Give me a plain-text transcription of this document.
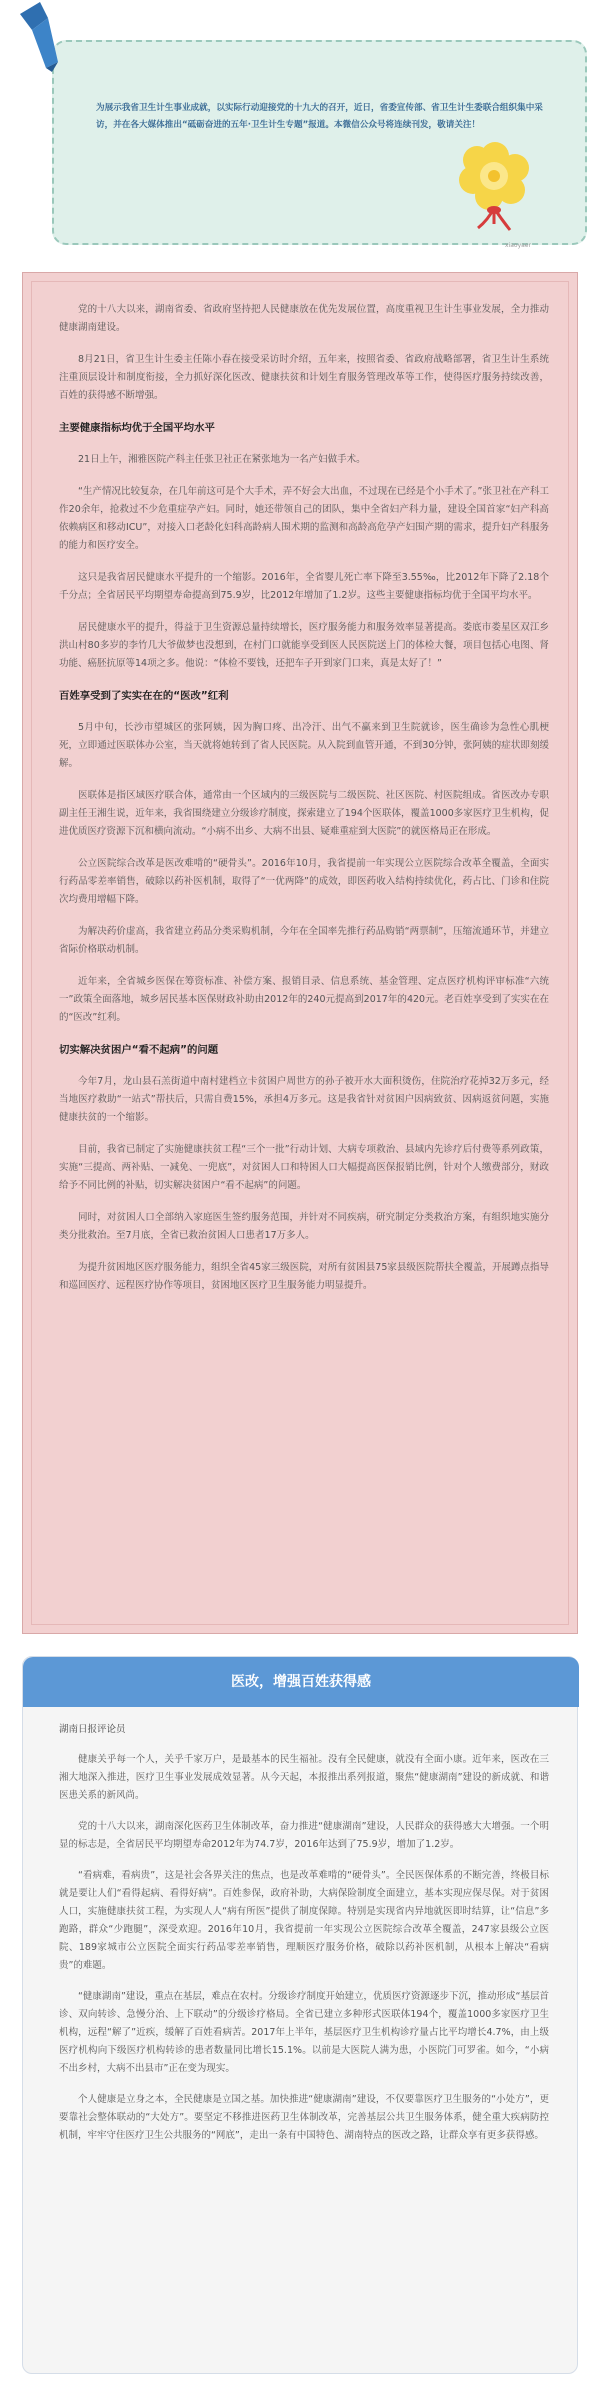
为展示我省卫生计生事业成就，以实际行动迎接党的十九大的召开，近日，省委宣传部、省卫生计生委联合组织集中采访，并在各大媒体推出“砥砺奋进的五年·卫生计生专题”报道。本微信公众号将连续刊发，敬请关注！
xiaoyaer

党的十八大以来，湖南省委、省政府坚持把人民健康放在优先发展位置，高度重视卫生计生事业发展，全力推动健康湖南建设。

8月21日，省卫生计生委主任陈小春在接受采访时介绍，五年来，按照省委、省政府战略部署，省卫生计生系统注重顶层设计和制度衔接，全力抓好深化医改、健康扶贫和计划生育服务管理改革等工作，使得医疗服务持续改善，百姓的获得感不断增强。

主要健康指标均优于全国平均水平

21日上午，湘雅医院产科主任张卫社正在紧张地为一名产妇做手术。

“生产情况比较复杂，在几年前这可是个大手术，弄不好会大出血，不过现在已经是个小手术了。”张卫社在产科工作20余年，抢救过不少危重症孕产妇。同时，她还带领自己的团队，集中全省妇产科力量，建设全国首家“妇产科高依赖病区和移动ICU”，对接入口老龄化妇科高龄病人围术期的监测和高龄高危孕产妇围产期的需求，提升妇产科服务的能力和医疗安全。

这只是我省居民健康水平提升的一个缩影。2016年，全省婴儿死亡率下降至3.55‰，比2012年下降了2.18个千分点；全省居民平均期望寿命提高到75.9岁，比2012年增加了1.2岁。这些主要健康指标均优于全国平均水平。

居民健康水平的提升，得益于卫生资源总量持续增长，医疗服务能力和服务效率显著提高。娄底市娄星区双江乡洪山村80多岁的李竹几大爷做梦也没想到，在村门口就能享受到医人民医院送上门的体检大餐，项目包括心电图、肾功能、癌胚抗原等14项之多。他说：“体检不要钱，还把车子开到家门口来，真是太好了！”

百姓享受到了实实在在的“医改”红利

5月中旬，长沙市望城区的张阿姨，因为胸口疼、出冷汗、出气不赢来到卫生院就诊，医生确诊为急性心肌梗死，立即通过医联体办公室，当天就将她转到了省人民医院。从入院到血管开通，不到30分钟，张阿姨的症状即刻缓解。

医联体是指区域医疗联合体，通常由一个区域内的三级医院与二级医院、社区医院、村医院组成。省医改办专职副主任王湘生说，近年来，我省围绕建立分级诊疗制度，探索建立了194个医联体，覆盖1000多家医疗卫生机构，促进优质医疗资源下沉和横向流动。“小病不出乡、大病不出县、疑难重症到大医院”的就医格局正在形成。

公立医院综合改革是医改难啃的“硬骨头”。2016年10月，我省提前一年实现公立医院综合改革全覆盖，全面实行药品零差率销售，破除以药补医机制，取得了“一优两降”的成效，即医药收入结构持续优化，药占比、门诊和住院次均费用增幅下降。

为解决药价虚高，我省建立药品分类采购机制，今年在全国率先推行药品购销“两票制”，压缩流通环节，并建立省际价格联动机制。

近年来，全省城乡医保在筹资标准、补偿方案、报销目录、信息系统、基金管理、定点医疗机构评审标准“六统一”政策全面落地，城乡居民基本医保财政补助由2012年的240元提高到2017年的420元。老百姓享受到了实实在在的“医改”红利。

切实解决贫困户“看不起病”的问题

今年7月，龙山县石羔街道中南村建档立卡贫困户周世方的孙子被开水大面积烫伤，住院治疗花掉32万多元，经当地医疗救助“一站式”帮扶后，只需自费15%，承担4万多元。这是我省针对贫困户因病致贫、因病返贫问题，实施健康扶贫的一个缩影。

目前，我省已制定了实施健康扶贫工程“三个一批”行动计划、大病专项救治、县域内先诊疗后付费等系列政策，实施“三提高、两补贴、一减免、一兜底”，对贫困人口和特困人口大幅提高医保报销比例，针对个人缴费部分，财政给予不同比例的补贴，切实解决贫困户“看不起病”的问题。

同时，对贫困人口全部纳入家庭医生签约服务范围，并针对不同疾病，研究制定分类救治方案，有组织地实施分类分批救治。至7月底，全省已救治贫困人口患者17万多人。

为提升贫困地区医疗服务能力，组织全省45家三级医院，对所有贫困县75家县级医院帮扶全覆盖，开展蹲点指导和巡回医疗、远程医疗协作等项目，贫困地区医疗卫生服务能力明显提升。

医改，增强百姓获得感
湖南日报评论员

健康关乎每一个人，关乎千家万户，是最基本的民生福祉。没有全民健康，就没有全面小康。近年来，医改在三湘大地深入推进，医疗卫生事业发展成效显著。从今天起，本报推出系列报道，聚焦“健康湖南”建设的新成就、和谐医患关系的新风尚。

党的十八大以来，湖南深化医药卫生体制改革，奋力推进“健康湖南”建设，人民群众的获得感大大增强。一个明显的标志是，全省居民平均期望寿命2012年为74.7岁，2016年达到了75.9岁，增加了1.2岁。

“看病难，看病贵”，这是社会各界关注的焦点，也是改革难啃的“硬骨头”。全民医保体系的不断完善，终极目标就是要让人们“看得起病、看得好病”。百姓参保，政府补助，大病保险制度全面建立，基本实现应保尽保。对于贫困人口，实施健康扶贫工程，为实现人人“病有所医”提供了制度保障。特别是实现省内异地就医即时结算，让“信息”多跑路，群众“少跑腿”，深受欢迎。2016年10月，我省提前一年实现公立医院综合改革全覆盖，247家县级公立医院、189家城市公立医院全面实行药品零差率销售，理顺医疗服务价格，破除以药补医机制，从根本上解决“看病贵”的难题。

“健康湖南”建设，重点在基层，难点在农村。分级诊疗制度开始建立，优质医疗资源逐步下沉，推动形成“基层首诊、双向转诊、急慢分治、上下联动”的分级诊疗格局。全省已建立多种形式医联体194个，覆盖1000多家医疗卫生机构，远程“解了”近疾，缓解了百姓看病苦。2017年上半年，基层医疗卫生机构诊疗量占比平均增长4.7%，由上级医疗机构向下级医疗机构转诊的患者数量同比增长15.1%。以前是大医院人满为患，小医院门可罗雀。如今，“小病不出乡村，大病不出县市”正在变为现实。

个人健康是立身之本，全民健康是立国之基。加快推进“健康湖南”建设，不仅要靠医疗卫生服务的“小处方”，更要靠社会整体联动的“大处方”。要坚定不移推进医药卫生体制改革，完善基层公共卫生服务体系，健全重大疾病防控机制，牢牢守住医疗卫生公共服务的“网底”，走出一条有中国特色、湖南特点的医改之路，让群众享有更多获得感。
